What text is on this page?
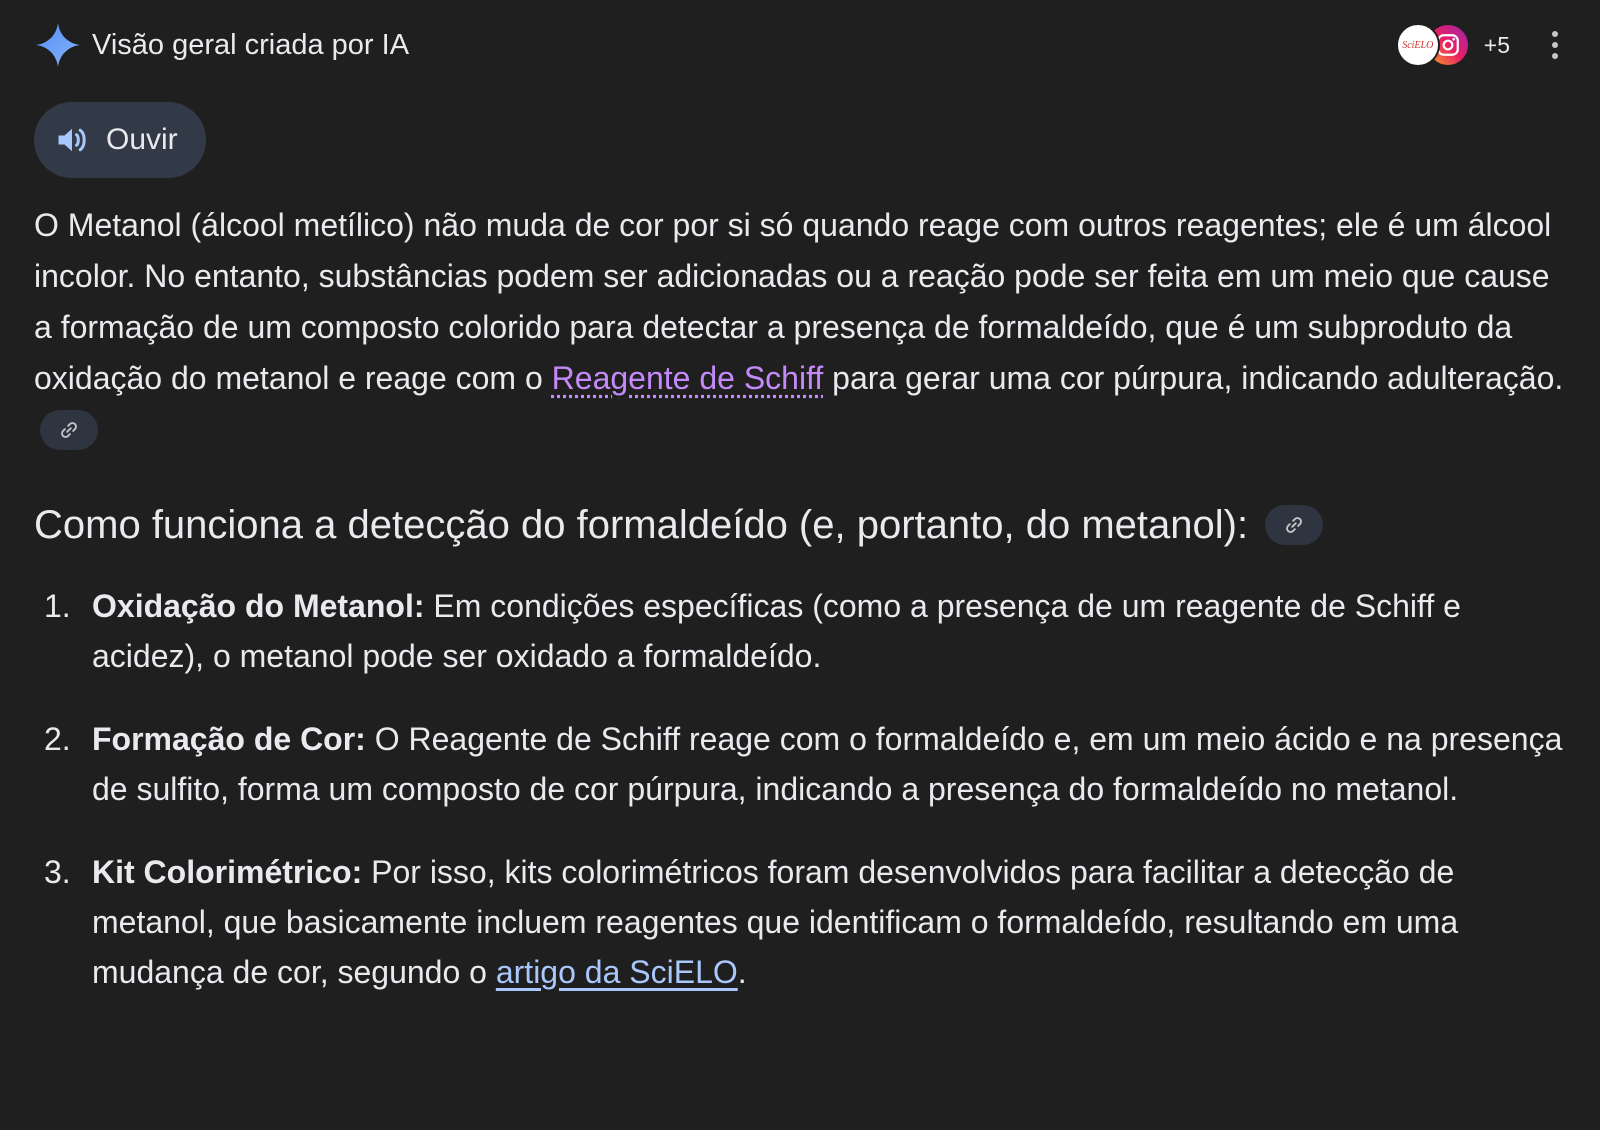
Visão geral criada por IA	SciELO +5
Ouvir

O Metanol (álcool metílico) não muda de cor por si só quando reage com outros reagentes; ele é um álcool incolor. No entanto, substâncias podem ser adicionadas ou a reação pode ser feita em um meio que cause a formação de um composto colorido para detectar a presença de formaldeído, que é um subproduto da oxidação do metanol e reage com o Reagente de Schiff para gerar uma cor púrpura, indicando adulteração.

Como funciona a detecção do formaldeído (e, portanto, do metanol):
1. Oxidação do Metanol: Em condições específicas (como a presença de um reagente de Schiff e acidez), o metanol pode ser oxidado a formaldeído.
2. Formação de Cor: O Reagente de Schiff reage com o formaldeído e, em um meio ácido e na presença de sulfito, forma um composto de cor púrpura, indicando a presença do formaldeído no metanol.
3. Kit Colorimétrico: Por isso, kits colorimétricos foram desenvolvidos para facilitar a detecção de metanol, que basicamente incluem reagentes que identificam o formaldeído, resultando em uma mudança de cor, segundo o artigo da SciELO.
